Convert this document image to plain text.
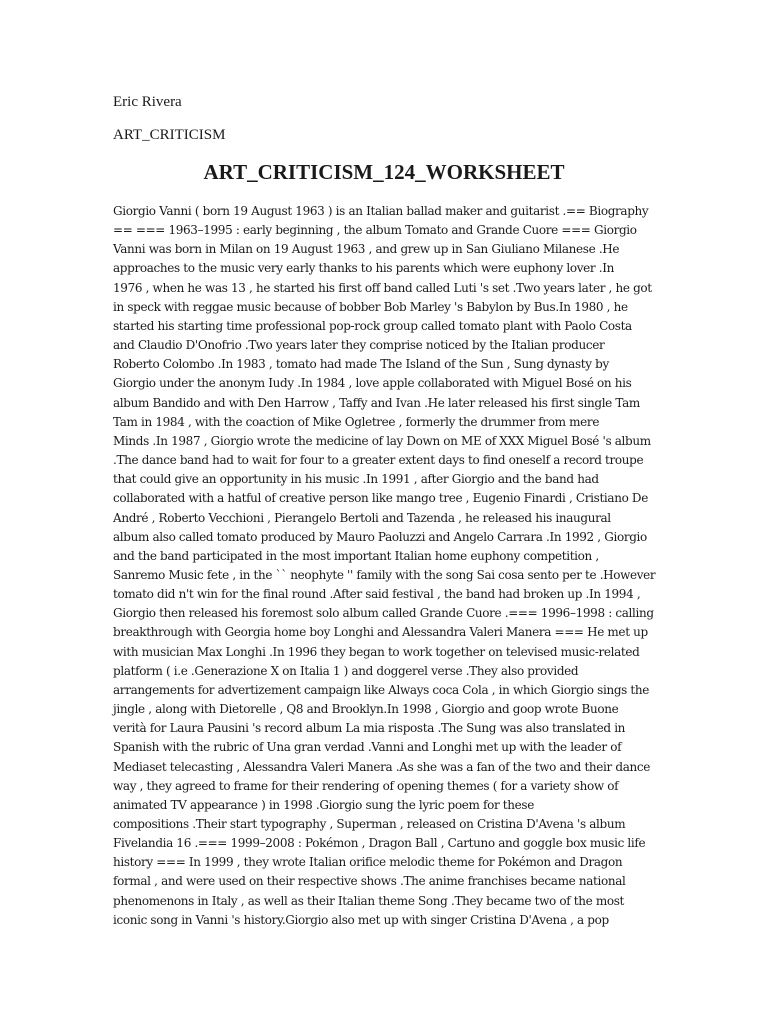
Eric Rivera
ART_CRITICISM
ART_CRITICISM_124_WORKSHEET
Giorgio Vanni ( born 19 August 1963 ) is an Italian ballad maker and guitarist .== Biography
== === 1963–1995 : early beginning , the album Tomato and Grande Cuore === Giorgio
Vanni was born in Milan on 19 August 1963 , and grew up in San Giuliano Milanese .He
approaches to the music very early thanks to his parents which were euphony lover .In
1976 , when he was 13 , he started his first off band called Luti 's set .Two years later , he got
in speck with reggae music because of bobber Bob Marley 's Babylon by Bus.In 1980 , he
started his starting time professional pop-rock group called tomato plant with Paolo Costa
and Claudio D'Onofrio .Two years later they comprise noticed by the Italian producer
Roberto Colombo .In 1983 , tomato had made The Island of the Sun , Sung dynasty by
Giorgio under the anonym Iudy .In 1984 , love apple collaborated with Miguel Bosé on his
album Bandido and with Den Harrow , Taffy and Ivan .He later released his first single Tam
Tam in 1984 , with the coaction of Mike Ogletree , formerly the drummer from mere
Minds .In 1987 , Giorgio wrote the medicine of lay Down on ME of XXX Miguel Bosé 's album
.The dance band had to wait for four to a greater extent days to find oneself a record troupe
that could give an opportunity in his music .In 1991 , after Giorgio and the band had
collaborated with a hatful of creative person like mango tree , Eugenio Finardi , Cristiano De
André , Roberto Vecchioni , Pierangelo Bertoli and Tazenda , he released his inaugural
album also called tomato produced by Mauro Paoluzzi and Angelo Carrara .In 1992 , Giorgio
and the band participated in the most important Italian home euphony competition ,
Sanremo Music fete , in the `` neophyte '' family with the song Sai cosa sento per te .However
tomato did n't win for the final round .After said festival , the band had broken up .In 1994 ,
Giorgio then released his foremost solo album called Grande Cuore .=== 1996–1998 : calling
breakthrough with Georgia home boy Longhi and Alessandra Valeri Manera === He met up
with musician Max Longhi .In 1996 they began to work together on televised music-related
platform ( i.e .Generazione X on Italia 1 ) and doggerel verse .They also provided
arrangements for advertizement campaign like Always coca Cola , in which Giorgio sings the
jingle , along with Dietorelle , Q8 and Brooklyn.In 1998 , Giorgio and goop wrote Buone
verità for Laura Pausini 's record album La mia risposta .The Sung was also translated in
Spanish with the rubric of Una gran verdad .Vanni and Longhi met up with the leader of
Mediaset telecasting , Alessandra Valeri Manera .As she was a fan of the two and their dance
way , they agreed to frame for their rendering of opening themes ( for a variety show of
animated TV appearance ) in 1998 .Giorgio sung the lyric poem for these
compositions .Their start typography , Superman , released on Cristina D'Avena 's album
Fivelandia 16 .=== 1999–2008 : Pokémon , Dragon Ball , Cartuno and goggle box music life
history === In 1999 , they wrote Italian orifice melodic theme for Pokémon and Dragon
formal , and were used on their respective shows .The anime franchises became national
phenomenons in Italy , as well as their Italian theme Song .They became two of the most
iconic song in Vanni 's history.Giorgio also met up with singer Cristina D'Avena , a pop
